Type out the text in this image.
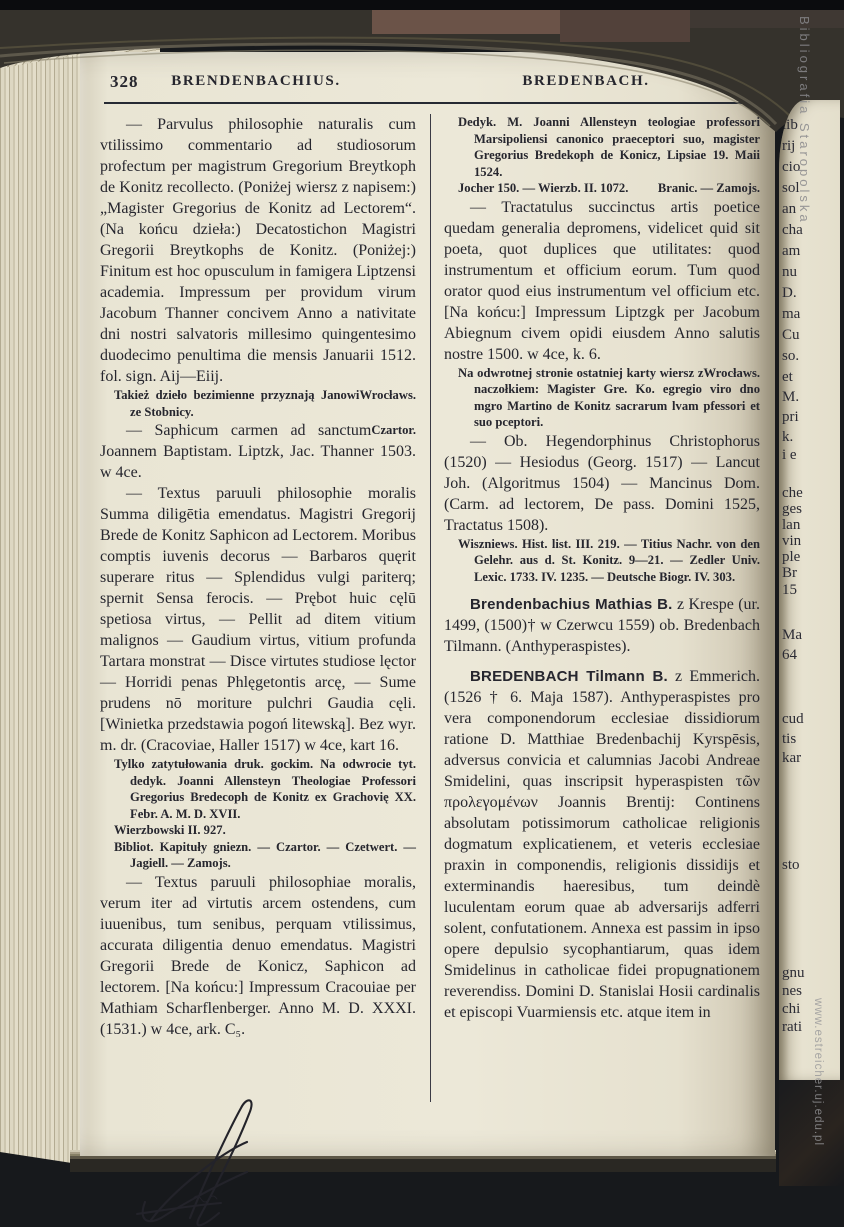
328 BRENDENBACHIUS.	BREDENBACH.

— Parvulus philosophie naturalis cum vtilissimo commentario ad studiosorum profectum per magistrum Gregorium Breytkoph de Konitz recollecto. (Poniżej wiersz z napisem:) „Magister Gregorius de Konitz ad Lectorem“. (Na końcu dzieła:) Decatostichon Magistri Gregorii Breytkophs de Konitz. (Poniżej:) Finitum est hoc opusculum in famigera Liptzensi academia. Impressum per providum virum Jacobum Thanner concivem Anno a nativitate dni nostri salvatoris millesimo quingentesimo duodecimo penultima die mensis Januarii 1512. fol. sign. Aij—Eiij.

Wrocławs.
Takież dzieło bezimienne przyznają Janowi ze Stobnicy.

Czartor.
— Saphicum carmen ad sanctum Joannem Baptistam. Liptzk, Jac. Thanner 1503. w 4ce.

— Textus paruuli philosophie moralis Summa diligētia emendatus. Magistri Gregorij Brede de Konitz Saphicon ad Lectorem. Moribus comptis iuvenis decorus — Barbaros quęrit superare ritus — Splendidus vulgi pariterq; spernit Sensa ferocis. — Prębot huic cęlū spetiosa virtus, — Pellit ad ditem vitium malignos — Gaudium virtus, vitium profunda Tartara monstrat — Disce virtutes studiose lęctor — Horridi penas Phlęgetontis arcę, — Sume prudens nō moriture pulchri Gaudia cęli. [Winietka przedstawia pogoń litewską]. Bez wyr. m. dr. (Cracoviae, Haller 1517) w 4ce, kart 16.

Tylko zatytułowania druk. gockim. Na odwrocie tyt. dedyk. Joanni Allensteyn Theologiae Professori Gregorius Bredecoph de Konitz ex Grachovię XX. Febr. A. M. D. XVII.

Wierzbowski II. 927.

Bibliot. Kapituły gniezn. — Czartor. — Czetwert. — Jagiell. — Zamojs.

— Textus paruuli philosophiae moralis, verum iter ad virtutis arcem ostendens, cum iuuenibus, tum senibus, perquam vtilissimus, accurata diligentia denuo emendatus. Magistri Gregorii Brede de Konicz, Saphicon ad lectorem. [Na końcu:] Impressum Cracouiae per Mathiam Scharflenberger. Anno M. D. XXXI. (1531.) w 4ce, ark. C₅.

Dedyk. M. Joanni Allensteyn teologiae professori Marsipoliensi canonico praeceptori suo, magister Gregorius Bredekoph de Konicz, Lipsiae 19. Maii 1524.

Branic. — Zamojs.
Jocher 150. — Wierzb. II. 1072.

— Tractatulus succinctus artis poetice quedam generalia depromens, videlicet quid sit poeta, quot duplices que utilitates: quod instrumentum et officium eorum. Tum quod orator quod eius instrumentum vel officium etc. [Na końcu:] Impressum Liptzgk per Jacobum Abiegnum civem opidi eiusdem Anno salutis nostre 1500. w 4ce, k. 6.

Wrocławs.
Na odwrotnej stronie ostatniej karty wiersz z naczołkiem: Magister Gre. Ko. egregio viro dno mgro Martino de Konitz sacrarum lvam pfessori et suo pceptori.

— Ob. Hegendorphinus Christophorus (1520) — Hesiodus (Georg. 1517) — Lancut Joh. (Algoritmus 1504) — Mancinus Dom. (Carm. ad lectorem, De pass. Domini 1525, Tractatus 1508).

Wiszniews. Hist. list. III. 219. — Titius Nachr. von den Gelehr. aus d. St. Konitz. 9—21. — Zedler Univ. Lexic. 1733. IV. 1235. — Deutsche Biogr. IV. 303.

Brendenbachius Mathias B. z Krespe (ur. 1499, (1500)† w Czerwcu 1559) ob. Bredenbach Tilmann. (Anthyperaspistes).

BREDENBACH Tilmann B. z Emmerich. (1526 † 6. Maja 1587). Anthyperaspistes pro vera componendorum ecclesiae dissidiorum ratione D. Matthiae Bredenbachij Kyrspēsis, adversus convicia et calumnias Jacobi Andreae Smidelini, quas inscripsit hyperaspisten τῶν προλεγομένων Joannis Brentij: Continens absolutam potissimorum catholicae religionis dogmatum explicatienem, et veteris ecclesiae praxin in componendis, religionis dissidijs et exterminandis haeresibus, tum deindè luculentam eorum quae ab adversarijs adferri solent, confutationem. Annexa est passim in ipso opere depulsio sycophantiarum, quas idem Smidelinus in catholicae fidei propugnationem reverendiss. Domini D. Stanislai Hosii cardinalis et episcopi Vuarmiensis etc. atque item in

lib
rij
cio
sol
an
cha
am
nu
D.
ma
Cu
so.
et
M.
pri
k.
i e
che
ges
lan
vin
ple
Br
15
Ma
64
cud
tis
kar
sto
gnu
nes
chi
rati
Bibliografia Staropolska
www.estreicher.uj.edu.pl
